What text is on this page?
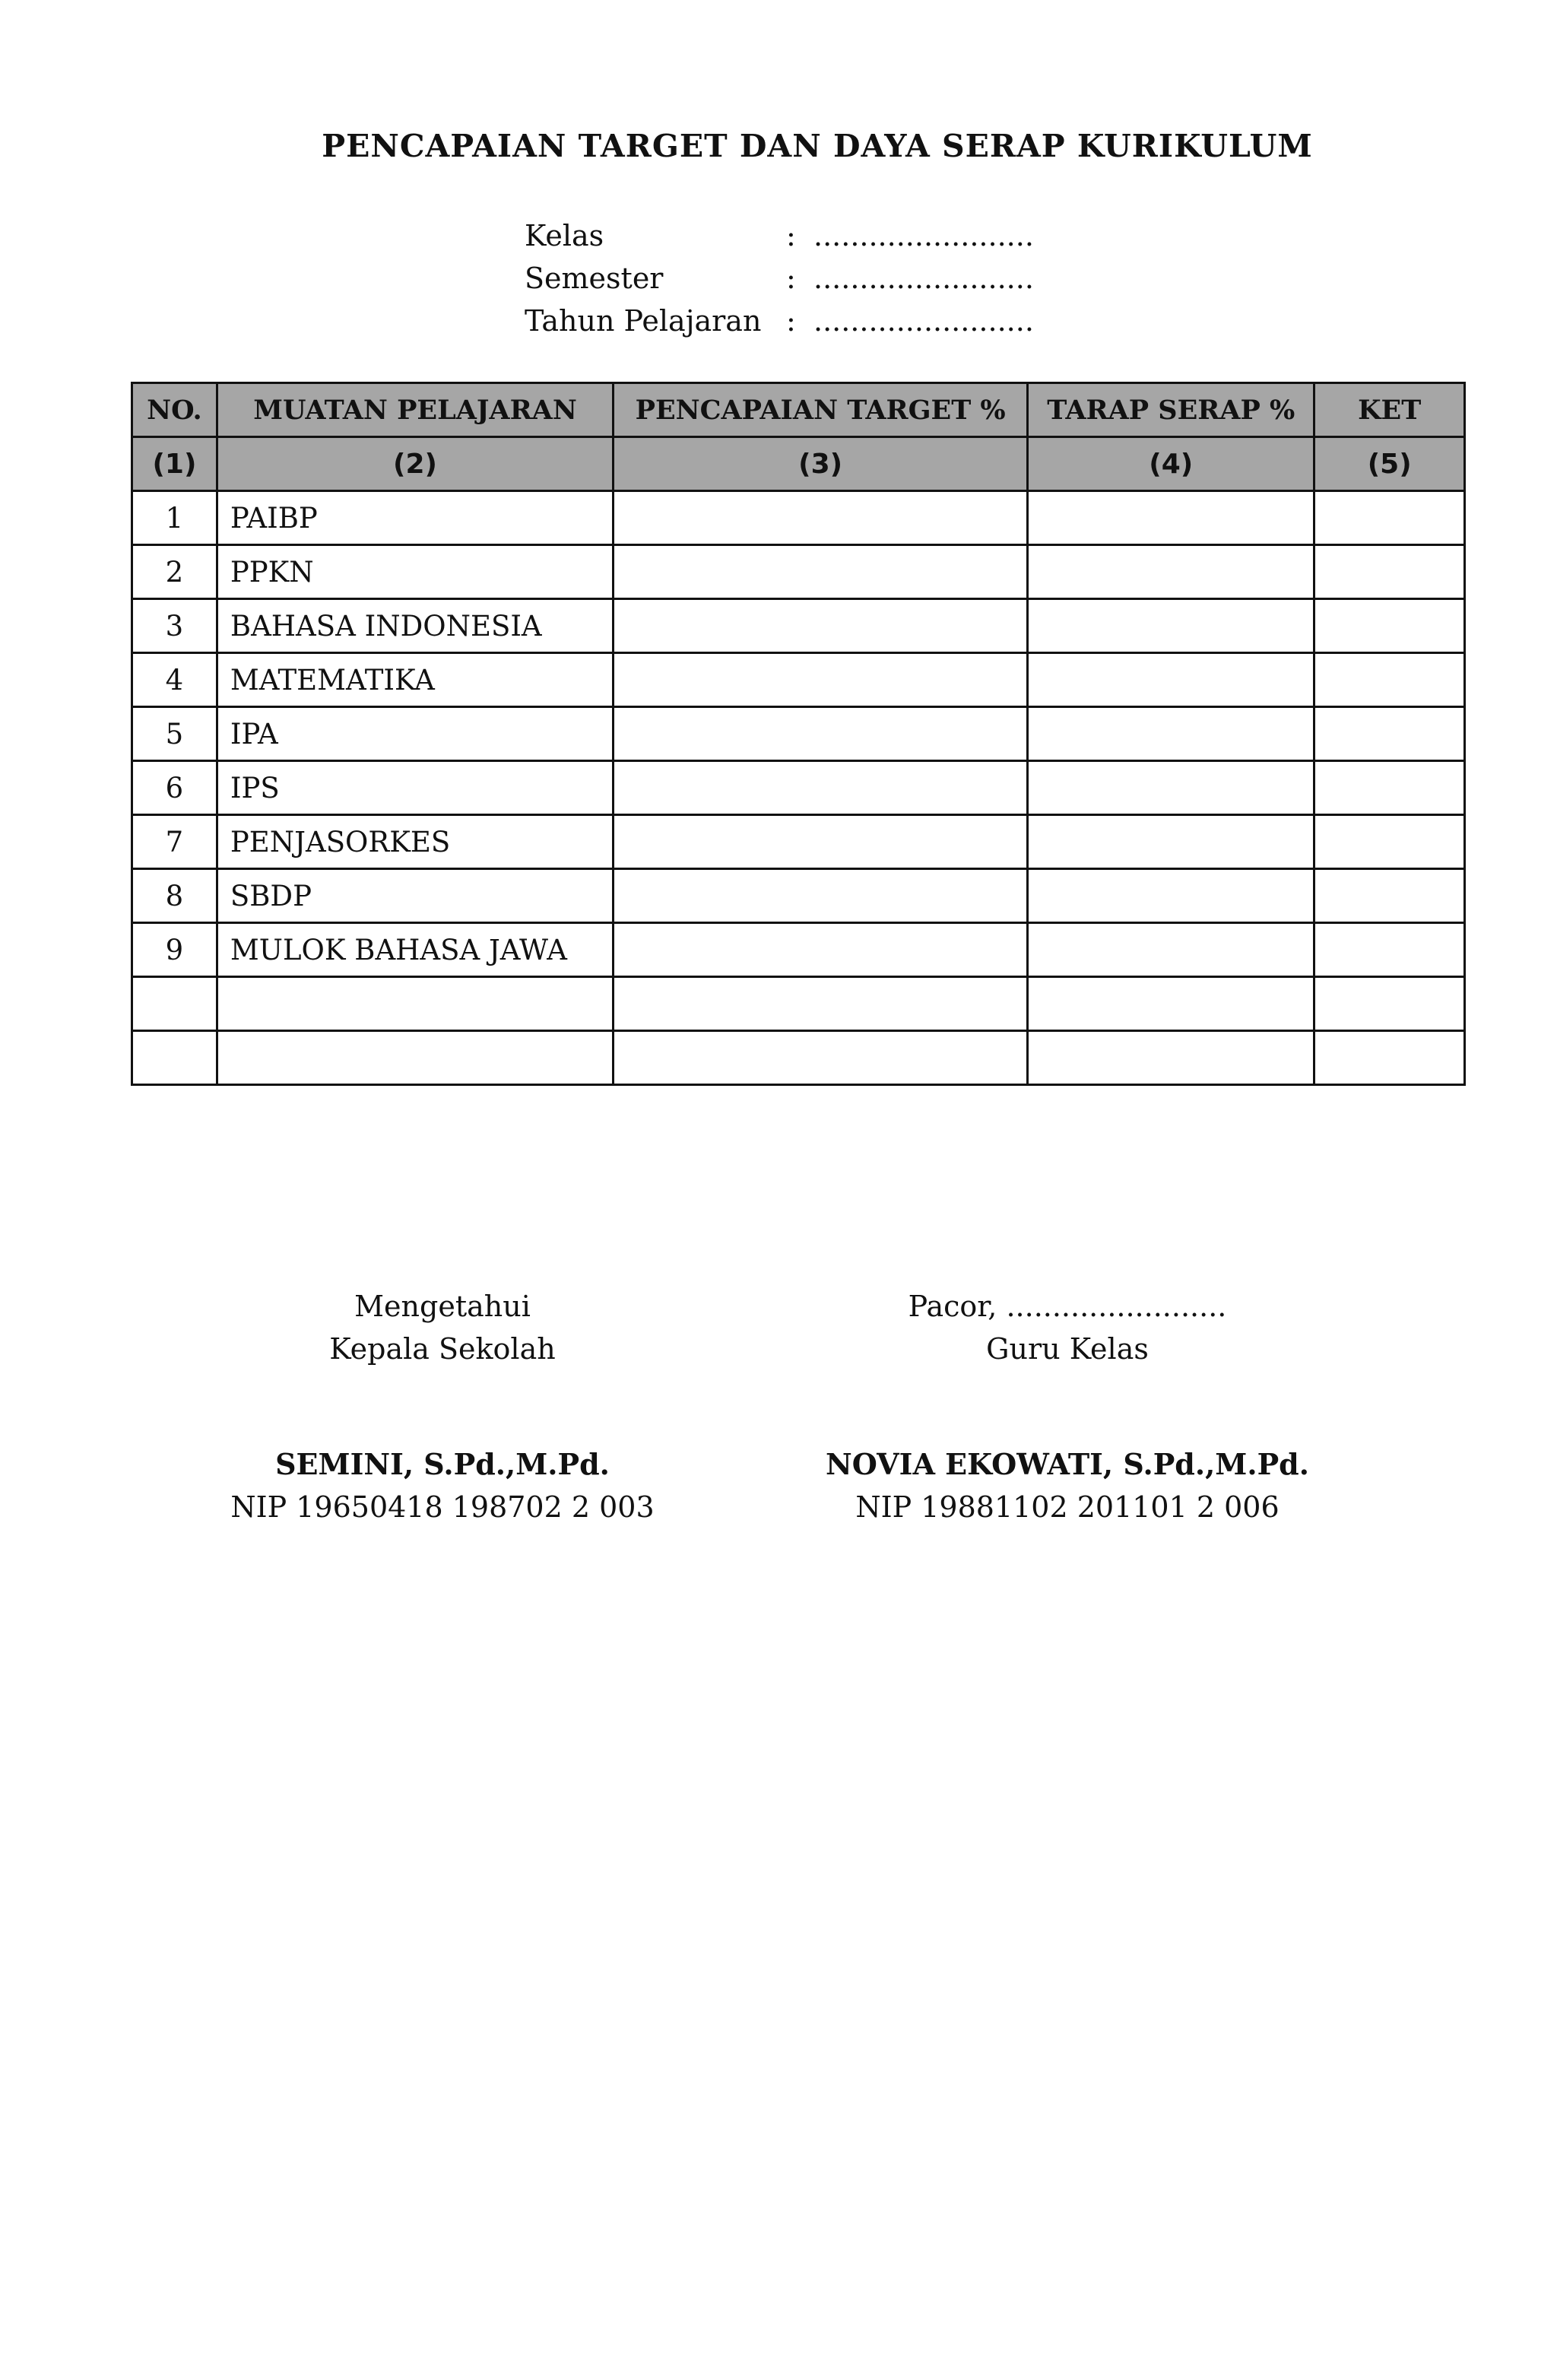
PENCAPAIAN TARGET DAN DAYA SERAP KURIKULUM
Kelas	: ........................
Semester	: ........................
Tahun Pelajaran : ........................
NO.	MUATAN PELAJARAN	PENCAPAIAN TARGET %	TARAP SERAP %	KET
(1)	(2)	(3)	(4)	(5)
1	PAIBP			
2	PPKN			
3	BAHASA INDONESIA			
4	MATEMATIKA			
5	IPA			
6	IPS			
7	PENJASORKES			
8	SBDP			
9	MULOK BAHASA JAWA			

Mengetahui
Kepala Sekolah
SEMINI, S.Pd.,M.Pd.
NIP 19650418 198702 2 003
Pacor, ........................
Guru Kelas
NOVIA EKOWATI, S.Pd.,M.Pd.
NIP 19881102 201101 2 006
